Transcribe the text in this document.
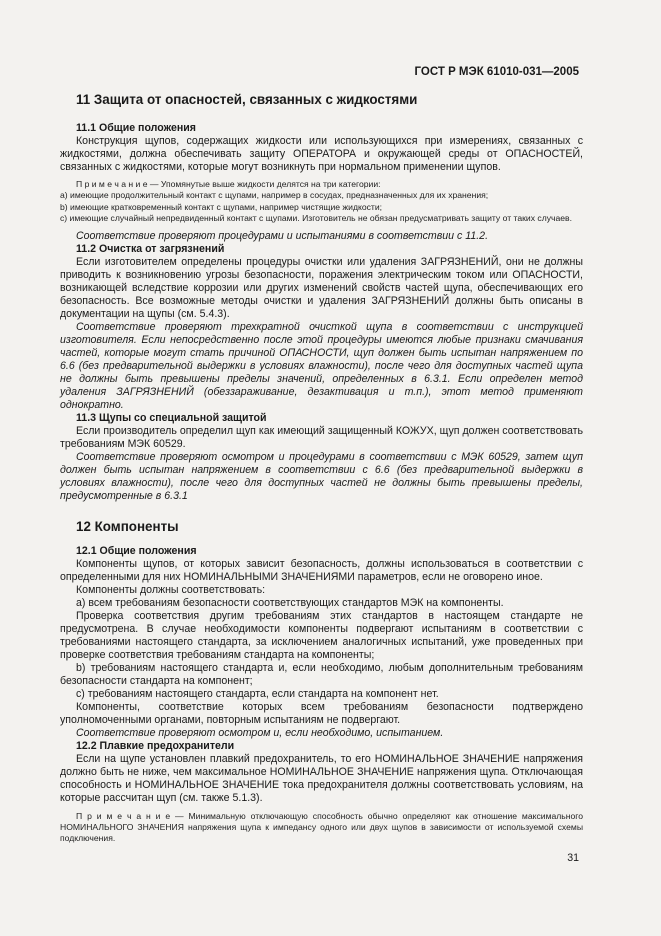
ГОСТ Р МЭК 61010-031—2005
11 Защита от опасностей, связанных с жидкостями
11.1 Общие положения

Конструкция щупов, содержащих жидкости или использующихся при измерениях, связанных с жидкостями, должна обеспечивать защиту ОПЕРАТОРА и окружающей среды от ОПАСНОСТЕЙ, связанных с жидкостями, которые могут возникнуть при нормальном применении щупов.

П р и м е ч а н и е — Упомянутые выше жидкости делятся на три категории:

a) имеющие продолжительный контакт с щупами, например в сосудах, предназначенных для их хранения;

b) имеющие кратковременный контакт с щупами, например чистящие жидкости;

c) имеющие случайный непредвиденный контакт с щупами. Изготовитель не обязан предусматривать защиту от таких случаев.

Соответствие проверяют процедурами и испытаниями в соответствии с 11.2.

11.2 Очистка от загрязнений

Если изготовителем определены процедуры очистки или удаления ЗАГРЯЗНЕНИЙ, они не должны приводить к возникновению угрозы безопасности, поражения электрическим током или ОПАСНОСТИ, возникающей вследствие коррозии или других изменений свойств частей щупа, обеспечивающих его безопасность. Все возможные методы очистки и удаления ЗАГРЯЗНЕНИЙ должны быть описаны в документации на щупы (см. 5.4.3).

Соответствие проверяют трехкратной очисткой щупа в соответствии с инструкцией изготовителя. Если непосредственно после этой процедуры имеются любые признаки смачивания частей, которые могут стать причиной ОПАСНОСТИ, щуп должен быть испытан напряжением по 6.6 (без предварительной выдержки в условиях влажности), после чего для доступных частей щупа не должны быть превышены пределы значений, определенных в 6.3.1. Если определен метод удаления ЗАГРЯЗНЕНИЙ (обеззараживание, дезактивация и т.п.), этот метод применяют однократно.

11.3 Щупы со специальной защитой

Если производитель определил щуп как имеющий защищенный КОЖУХ, щуп должен соответствовать требованиям МЭК 60529.

Соответствие проверяют осмотром и процедурами в соответствии с МЭК 60529, затем щуп должен быть испытан напряжением в соответствии с 6.6 (без предварительной выдержки в условиях влажности), после чего для доступных частей не должны быть превышены пределы, предусмотренные в 6.3.1

12 Компоненты
12.1 Общие положения

Компоненты щупов, от которых зависит безопасность, должны использоваться в соответствии с определенными для них НОМИНАЛЬНЫМИ ЗНАЧЕНИЯМИ параметров, если не оговорено иное.

Компоненты должны соответствовать:

a) всем требованиям безопасности соответствующих стандартов МЭК на компоненты.

Проверка соответствия другим требованиям этих стандартов в настоящем стандарте не предусмотрена. В случае необходимости компоненты подвергают испытаниям в соответствии с требованиями настоящего стандарта, за исключением аналогичных испытаний, уже проведенных при проверке соответствия требованиям стандарта на компоненты;

b) требованиям настоящего стандарта и, если необходимо, любым дополнительным требованиям безопасности стандарта на компонент;

c) требованиям настоящего стандарта, если стандарта на компонент нет.

Компоненты, соответствие которых всем требованиям безопасности подтверждено уполномоченными органами, повторным испытаниям не подвергают.

Соответствие проверяют осмотром и, если необходимо, испытанием.

12.2 Плавкие предохранители

Если на щупе установлен плавкий предохранитель, то его НОМИНАЛЬНОЕ ЗНАЧЕНИЕ напряжения должно быть не ниже, чем максимальное НОМИНАЛЬНОЕ ЗНАЧЕНИЕ напряжения щупа. Отключающая способность и НОМИНАЛЬНОЕ ЗНАЧЕНИЕ тока предохранителя должны соответствовать условиям, на которые рассчитан щуп (см. также 5.1.3).

П р и м е ч а н и е — Минимальную отключающую способность обычно определяют как отношение максимального НОМИНАЛЬНОГО ЗНАЧЕНИЯ напряжения щупа к импедансу одного или двух щупов в зависимости от используемой схемы подключения.

31
